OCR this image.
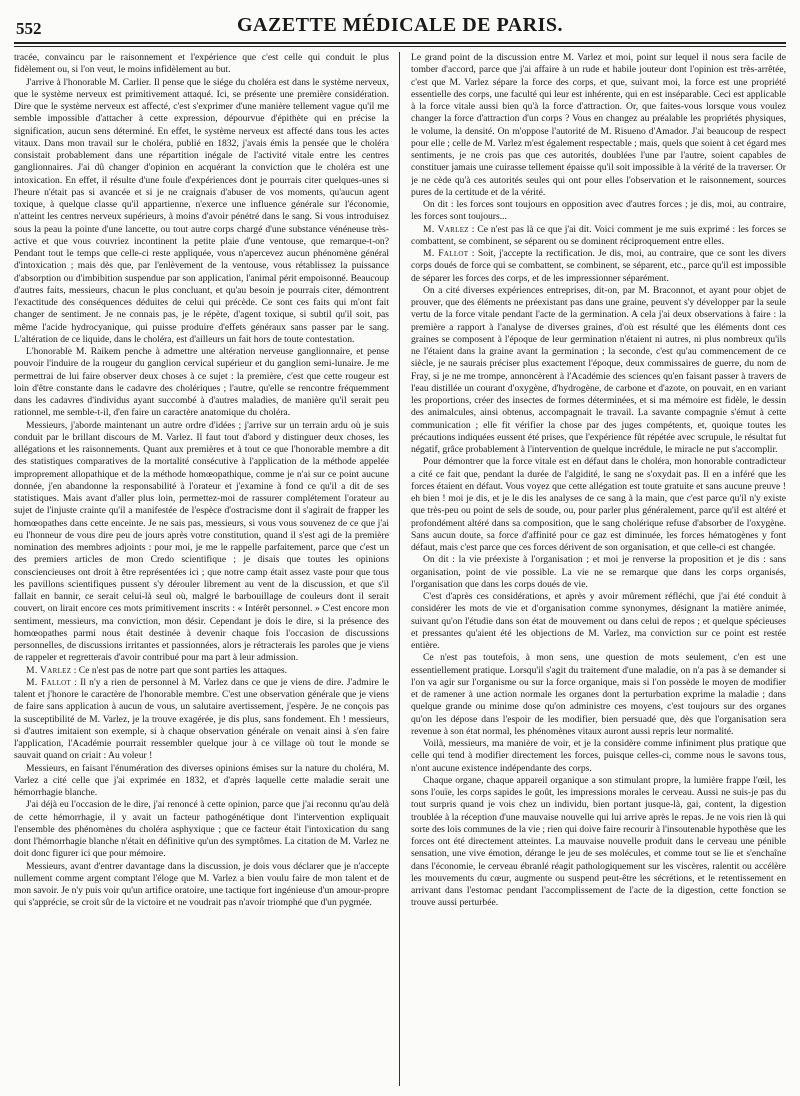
552	GAZETTE MÉDICALE DE PARIS.

tracée, convaincu par le raisonnement et l'expérience que c'est celle qui conduit le plus fidèlement ou, si l'on veut, le moins infidèlement au but.

J'arrive à l'honorable M. Carlier. Il pense que le siége du choléra est dans le système nerveux, que le système nerveux est primitivement attaqué. Ici, se présente une première considération. Dire que le système nerveux est affecté, c'est s'exprimer d'une manière tellement vague qu'il me semble impossible d'attacher à cette expression, dépourvue d'épithète qui en précise la signification, aucun sens déterminé. En effet, le système nerveux est affecté dans tous les actes vitaux. Dans mon travail sur le choléra, publié en 1832, j'avais émis la pensée que le choléra consistait probablement dans une répartition inégale de l'activité vitale entre les centres ganglionnaires. J'ai dû changer d'opinion en acquérant la conviction que le choléra est une intoxication. En effet, il résulte d'une foule d'expériences dont je pourrais citer quelques-unes si l'heure n'était pas si avancée et si je ne craignais d'abuser de vos moments, qu'aucun agent toxique, à quelque classe qu'il appartienne, n'exerce une influence générale sur l'économie, n'atteint les centres nerveux supérieurs, à moins d'avoir pénétré dans le sang. Si vous introduisez sous la peau la pointe d'une lancette, ou tout autre corps chargé d'une substance vénéneuse très-active et que vous couvriez incontinent la petite plaie d'une ventouse, que remarque-t-on? Pendant tout le temps que celle-ci reste appliquée, vous n'apercevez aucun phénomène général d'intoxication ; mais dès que, par l'enlèvement de la ventouse, vous rétablissez la puissance d'absorption ou d'imbibition suspendue par son application, l'animal périt empoisonné. Beaucoup d'autres faits, messieurs, chacun le plus concluant, et qu'au besoin je pourrais citer, démontrent l'exactitude des conséquences déduites de celui qui précède. Ce sont ces faits qui m'ont fait changer de sentiment. Je ne connais pas, je le répète, d'agent toxique, si subtil qu'il soit, pas même l'acide hydrocyanique, qui puisse produire d'effets généraux sans passer par le sang. L'altération de ce liquide, dans le choléra, est d'ailleurs un fait hors de toute contestation.

L'honorable M. Raikem penche à admettre une altération nerveuse ganglionnaire, et pense pouvoir l'induire de la rougeur du ganglion cervical supérieur et du ganglion semi-lunaire. Je me permettrai de lui faire observer deux choses à ce sujet : la première, c'est que cette rougeur est loin d'être constante dans le cadavre des cholériques ; l'autre, qu'elle se rencontre fréquemment dans les cadavres d'individus ayant succombé à d'autres maladies, de manière qu'il serait peu rationnel, me semble-t-il, d'en faire un caractère anatomique du choléra.

Messieurs, j'aborde maintenant un autre ordre d'idées ; j'arrive sur un terrain ardu où je suis conduit par le brillant discours de M. Varlez. Il faut tout d'abord y distinguer deux choses, les allégations et les raisonnements. Quant aux premières et à tout ce que l'honorable membre a dit des statistiques comparatives de la mortalité consécutive à l'application de la méthode appelée improprement allopathique et de la méthode homœopathique, comme je n'ai sur ce point aucune donnée, j'en abandonne la responsabilité à l'orateur et j'examine à fond ce qu'il a dit de ses statistiques. Mais avant d'aller plus loin, permettez-moi de rassurer complétement l'orateur au sujet de l'injuste crainte qu'il a manifestée de l'espèce d'ostracisme dont il s'agirait de frapper les homœopathes dans cette enceinte. Je ne sais pas, messieurs, si vous vous souvenez de ce que j'ai eu l'honneur de vous dire peu de jours après votre constitution, quand il s'est agi de la première nomination des membres adjoints : pour moi, je me le rappelle parfaitement, parce que c'est un des premiers articles de mon Credo scientifique ; je disais que toutes les opinions consciencieuses ont droit à être représentées ici ; que notre camp était assez vaste pour que tous les pavillons scientifiques pussent s'y dérouler librement au vent de la discussion, et que s'il fallait en bannir, ce serait celui-là seul où, malgré le barbouillage de couleurs dont il serait couvert, on lirait encore ces mots primitivement inscrits : « Intérêt personnel. » C'est encore mon sentiment, messieurs, ma conviction, mon désir. Cependant je dois le dire, si la présence des homœopathes parmi nous était destinée à devenir chaque fois l'occasion de discussions personnelles, de discussions irritantes et passionnées, alors je rétracterais les paroles que je viens de rappeler et regretterais d'avoir contribué pour ma part à leur admission.

M. Varlez : Ce n'est pas de notre part que sont parties les attaques.

M. Fallot : Il n'y a rien de personnel à M. Varlez dans ce que je viens de dire. J'admire le talent et j'honore le caractère de l'honorable membre. C'est une observation générale que je viens de faire sans application à aucun de vous, un salutaire avertissement, j'espère. Je ne conçois pas la susceptibilité de M. Varlez, je la trouve exagérée, je dis plus, sans fondement. Eh ! messieurs, si d'autres imitaient son exemple, si à chaque observation générale on venait ainsi à s'en faire l'application, l'Académie pourrait ressembler quelque jour à ce village où tout le monde se sauvait quand on criait : Au voleur !

Messieurs, en faisant l'énumération des diverses opinions émises sur la nature du choléra, M. Varlez a cité celle que j'ai exprimée en 1832, et d'après laquelle cette maladie serait une hémorrhagie blanche.

J'ai déjà eu l'occasion de le dire, j'ai renoncé à cette opinion, parce que j'ai reconnu qu'au delà de cette hémorrhagie, il y avait un facteur pathogénétique dont l'intervention expliquait l'ensemble des phénomènes du choléra asphyxique ; que ce facteur était l'intoxication du sang dont l'hémorrhagie blanche n'était en définitive qu'un des symptômes. La citation de M. Varlez ne doit donc figurer ici que pour mémoire.

Messieurs, avant d'entrer davantage dans la discussion, je dois vous déclarer que je n'accepte nullement comme argent comptant l'éloge que M. Varlez a bien voulu faire de mon talent et de mon savoir. Je n'y puis voir qu'un artifice oratoire, une tactique fort ingénieuse d'un amour-propre qui s'apprécie, se croit sûr de la victoire et ne voudrait pas n'avoir triomphé que d'un pygmée.

Le grand point de la discussion entre M. Varlez et moi, point sur lequel il nous sera facile de tomber d'accord, parce que j'ai affaire à un rude et habile jouteur dont l'opinion est très-arrêtée, c'est que M. Varlez sépare la force des corps, et que, suivant moi, la force est une propriété essentielle des corps, une faculté qui leur est inhérente, qui en est inséparable. Ceci est applicable à la force vitale aussi bien qu'à la force d'attraction. Or, que faites-vous lorsque vous voulez changer la force d'attraction d'un corps ? Vous en changez au préalable les propriétés physiques, le volume, la densité. On m'oppose l'autorité de M. Risueno d'Amador. J'ai beaucoup de respect pour elle ; celle de M. Varlez m'est également respectable ; mais, quels que soient à cet égard mes sentiments, je ne crois pas que ces autorités, doublées l'une par l'autre, soient capables de constituer jamais une cuirasse tellement épaisse qu'il soit impossible à la vérité de la traverser. Or je ne cède qu'à ces autorités seules qui ont pour elles l'observation et le raisonnement, sources pures de la certitude et de la vérité.

On dit : les forces sont toujours en opposition avec d'autres forces ; je dis, moi, au contraire, les forces sont toujours...

M. Varlez : Ce n'est pas là ce que j'ai dit. Voici comment je me suis exprimé : les forces se combattent, se combinent, se séparent ou se dominent réciproquement entre elles.

M. Fallot : Soit, j'accepte la rectification. Je dis, moi, au contraire, que ce sont les divers corps doués de force qui se combattent, se combinent, se séparent, etc., parce qu'il est impossible de séparer les forces des corps, et de les impressionner séparément.

On a cité diverses expériences entreprises, dit-on, par M. Braconnot, et ayant pour objet de prouver, que des éléments ne préexistant pas dans une graine, peuvent s'y développer par la seule vertu de la force vitale pendant l'acte de la germination. A cela j'ai deux observations à faire : la première a rapport à l'analyse de diverses graines, d'où est résulté que les éléments dont ces graines se composent à l'époque de leur germination n'étaient ni autres, ni plus nombreux qu'ils ne l'étaient dans la graine avant la germination ; la seconde, c'est qu'au commencement de ce siècle, je ne saurais préciser plus exactement l'époque, deux commissaires de guerre, du nom de Fray, si je ne me trompe, annoncèrent à l'Académie des sciences qu'en faisant passer à travers de l'eau distillée un courant d'oxygène, d'hydrogène, de carbone et d'azote, on pouvait, en en variant les proportions, créer des insectes de formes déterminées, et si ma mémoire est fidèle, le dessin des animalcules, ainsi obtenus, accompagnait le travail. La savante compagnie s'émut à cette communication ; elle fit vérifier la chose par des juges compétents, et, quoique toutes les précautions indiquées eussent été prises, que l'expérience fût répétée avec scrupule, le résultat fut négatif, grâce probablement à l'intervention de quelque incrédule, le miracle ne put s'accomplir.

Pour démontrer que la force vitale est en défaut dans le choléra, mon honorable contradicteur a cité ce fait que, pendant la durée de l'algidité, le sang ne s'oxydait pas. Il en a inféré que les forces étaient en défaut. Vous voyez que cette allégation est toute gratuite et sans aucune preuve ! eh bien ! moi je dis, et je le dis les analyses de ce sang à la main, que c'est parce qu'il n'y existe que très-peu ou point de sels de soude, ou, pour parler plus généralement, parce qu'il est altéré et profondément altéré dans sa composition, que le sang cholérique refuse d'absorber de l'oxygène. Sans aucun doute, sa force d'affinité pour ce gaz est diminuée, les forces hématogènes y font défaut, mais c'est parce que ces forces dérivent de son organisation, et que celle-ci est changée.

On dit : la vie préexiste à l'organisation ; et moi je renverse la proposition et je dis : sans organisation, point de vie possible. La vie ne se remarque que dans les corps organisés, l'organisation que dans les corps doués de vie.

C'est d'après ces considérations, et après y avoir mûrement réfléchi, que j'ai été conduit à considérer les mots de vie et d'organisation comme synonymes, désignant la matière animée, suivant qu'on l'étudie dans son état de mouvement ou dans celui de repos ; et quelque spécieuses et pressantes qu'aient été les objections de M. Varlez, ma conviction sur ce point est restée entière.

Ce n'est pas toutefois, à mon sens, une question de mots seulement, c'en est une essentiellement pratique. Lorsqu'il s'agit du traitement d'une maladie, on n'a pas à se demander si l'on va agir sur l'organisme ou sur la force organique, mais si l'on possède le moyen de modifier et de ramener à une action normale les organes dont la perturbation exprime la maladie ; dans quelque grande ou minime dose qu'on administre ces moyens, c'est toujours sur des organes qu'on les dépose dans l'espoir de les modifier, bien persuadé que, dès que l'organisation sera revenue à son état normal, les phénomènes vitaux auront aussi repris leur normalité.

Voilà, messieurs, ma manière de voir, et je la considère comme infiniment plus pratique que celle qui tend à modifier directement les forces, puisque celles-ci, comme nous le savons tous, n'ont aucune existence indépendante des corps.

Chaque organe, chaque appareil organique a son stimulant propre, la lumière frappe l'œil, les sons l'ouïe, les corps sapides le goût, les impressions morales le cerveau. Aussi ne suis-je pas du tout surpris quand je vois chez un individu, bien portant jusque-là, gai, content, la digestion troublée à la réception d'une mauvaise nouvelle qui lui arrive après le repas. Je ne vois rien là qui sorte des lois communes de la vie ; rien qui doive faire recourir à l'insoutenable hypothèse que les forces ont été directement atteintes. La mauvaise nouvelle produit dans le cerveau une pénible sensation, une vive émotion, dérange le jeu de ses molécules, et comme tout se lie et s'enchaîne dans l'économie, le cerveau ébranlé réagit pathologiquement sur les viscères, ralentit ou accélère les mouvements du cœur, augmente ou suspend peut-être les sécrétions, et le retentissement en arrivant dans l'estomac pendant l'accomplissement de l'acte de la digestion, cette fonction se trouve aussi perturbée.
